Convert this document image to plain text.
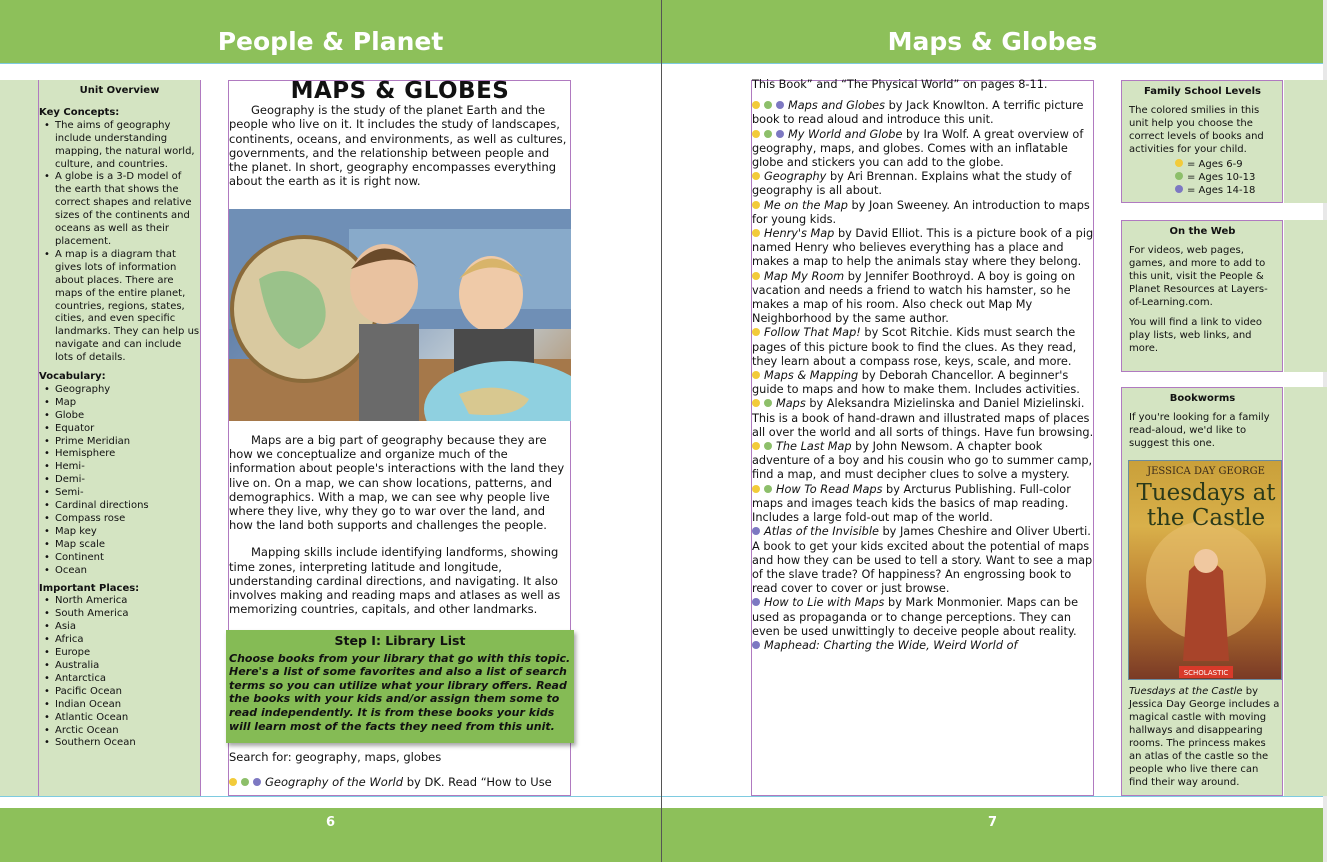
People & Planet
Unit Overview
Key Concepts:
• The aims of geography include understanding mapping, the natural world, culture, and countries.
• A globe is a 3-D model of the earth that shows the correct shapes and relative sizes of the continents and oceans as well as their placement.
• A map is a diagram that gives lots of information about places. There are maps of the entire planet, countries, regions, states, cities, and even specific landmarks. They can help us navigate and can include lots of details.
Vocabulary:
• Geography
• Map
• Globe
• Equator
• Prime Meridian
• Hemisphere
• Hemi-
• Demi-
• Semi-
• Cardinal directions
• Compass rose
• Map key
• Map scale
• Continent
• Ocean
Important Places:
• North America
• South America
• Asia
• Africa
• Europe
• Australia
• Antarctica
• Pacific Ocean
• Indian Ocean
• Atlantic Ocean
• Arctic Ocean
• Southern Ocean
MAPS & GLOBES

Geography is the study of the planet Earth and the people who live on it. It includes the study of landscapes, continents, oceans, and environments, as well as cultures, governments, and the relationship between people and the planet. In short, geography encompasses everything about the earth as it is right now.

Maps are a big part of geography because they are how we conceptualize and organize much of the information about people's interactions with the land they live on. On a map, we can show locations, patterns, and demographics. With a map, we can see why people live where they live, why they go to war over the land, and how the land both supports and challenges the people.

Mapping skills include identifying landforms, showing time zones, interpreting latitude and longitude, understanding cardinal directions, and navigating. It also involves making and reading maps and atlases as well as memorizing countries, capitals, and other landmarks.

Step I: Library List

Choose books from your library that go with this topic. Here's a list of some favorites and also a list of search terms so you can utilize what your library offers. Read the books with your kids and/or assign them some to read independently. It is from these books your kids will learn most of the facts they need from this unit.

Search for: geography, maps, globes

Geography of the World by DK. Read “How to Use

6
Maps & Globes
7

This Book” and “The Physical World” on pages 8-11.

Maps and Globes by Jack Knowlton. A terrific picture book to read aloud and introduce this unit.

My World and Globe by Ira Wolf. A great overview of geography, maps, and globes. Comes with an inflatable globe and stickers you can add to the globe.

Geography by Ari Brennan. Explains what the study of geography is all about.

Me on the Map by Joan Sweeney. An introduction to maps for young kids.

Henry's Map by David Elliot. This is a picture book of a pig named Henry who believes everything has a place and makes a map to help the animals stay where they belong.

Map My Room by Jennifer Boothroyd. A boy is going on vacation and needs a friend to watch his hamster, so he makes a map of his room. Also check out Map My Neighborhood by the same author.

Follow That Map! by Scot Ritchie. Kids must search the pages of this picture book to find the clues. As they read, they learn about a compass rose, keys, scale, and more.

Maps & Mapping by Deborah Chancellor. A beginner's guide to maps and how to make them. Includes activities.

Maps by Aleksandra Mizielinska and Daniel Mizielinski. This is a book of hand-drawn and illustrated maps of places all over the world and all sorts of things. Have fun browsing.

The Last Map by John Newsom. A chapter book adventure of a boy and his cousin who go to summer camp, find a map, and must decipher clues to solve a mystery.

How To Read Maps by Arcturus Publishing. Full-color maps and images teach kids the basics of map reading. Includes a large fold-out map of the world.

Atlas of the Invisible by James Cheshire and Oliver Uberti. A book to get your kids excited about the potential of maps and how they can be used to tell a story. Want to see a map of the slave trade? Of happiness? An engrossing book to read cover to cover or just browse.

How to Lie with Maps by Mark Monmonier. Maps can be used as propaganda or to change perceptions. They can even be used unwittingly to deceive people about reality.

Maphead: Charting the Wide, Weird World of

Family School Levels

The colored smilies in this unit help you choose the correct levels of books and activities for your child.

= Ages 6-9
= Ages 10-13
= Ages 14-18
On the Web

For videos, web pages, games, and more to add to this unit, visit the People & Planet Resources at Layers-of-Learning.com.

You will find a link to video play lists, web links, and more.

Bookworms

If you're looking for a family read-aloud, we'd like to suggest this one.

Tuesdays at the Castle by Jessica Day George includes a magical castle with moving hallways and disappearing rooms. The princess makes an atlas of the castle so the people who live there can find their way around.

JESSICA DAY GEORGE
SCHOLASTIC
Tuesdays at the Castle
